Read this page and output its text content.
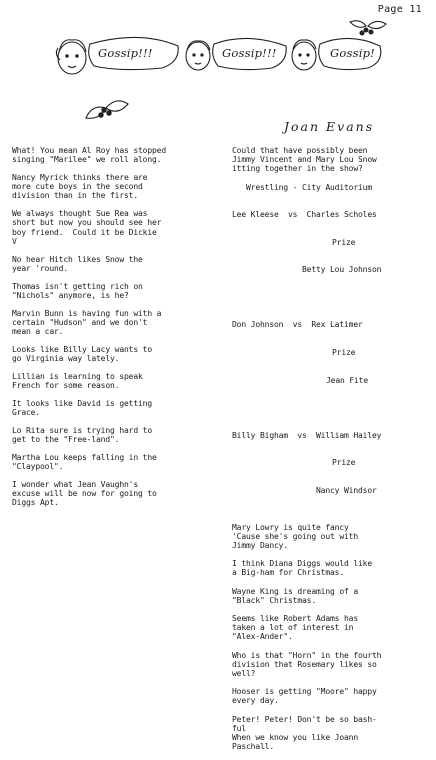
Page 11
Gossip!!!	Gossip!!!	Gossip!
Joan Evans
What! You mean Al Roy has stopped
singing "Marilee" we roll along.
Nancy Myrick thinks there are
more cute boys in the second
division than in the first.
We always thought Sue Rea was
short but now you should see her
boy friend.  Could it be Dickie
V
No hear Hitch likes Snow the
year 'round.
Thomas isn't getting rich on
"Nichols" anymore, is he?
Marvin Bunn is having fun with a
certain "Hudson" and we don't
mean a car.
Looks like Billy Lacy wants to
go Virginia way lately.
Lillian is learning to speak
French for some reason.
It looks like David is getting
Grace.
Lo Rita sure is trying hard to
get to the "Free-land".
Martha Lou keeps falling in the
"Claypool".
I wonder what Jean Vaughn's
excuse will be now for going to
Diggs Apt.
Could that have possibly been
Jimmy Vincent and Mary Lou Snow
itting together in the show?
Wrestling - City Auditorium

Lee Kleese  vs  Charles Scholes

Prize

Betty Lou Johnson

Don Johnson  vs  Rex Latimer

Prize

Jean Fite

Billy Bigham  vs  William Hailey

Prize

Nancy Windsor

Mary Lowry is quite fancy
'Cause she's going out with
Jimmy Dancy.
I think Diana Diggs would like
a Big-ham for Christmas.
Wayne King is dreaming of a
"Black" Christmas.
Seems like Robert Adams has
taken a lot of interest in
"Alex-Ander".
Who is that "Horn" in the fourth
division that Rosemary likes so
well?
Hooser is getting "Moore" happy
every day.
Peter! Peter! Don't be so bash-
ful
When we know you like Joann
Paschall.
